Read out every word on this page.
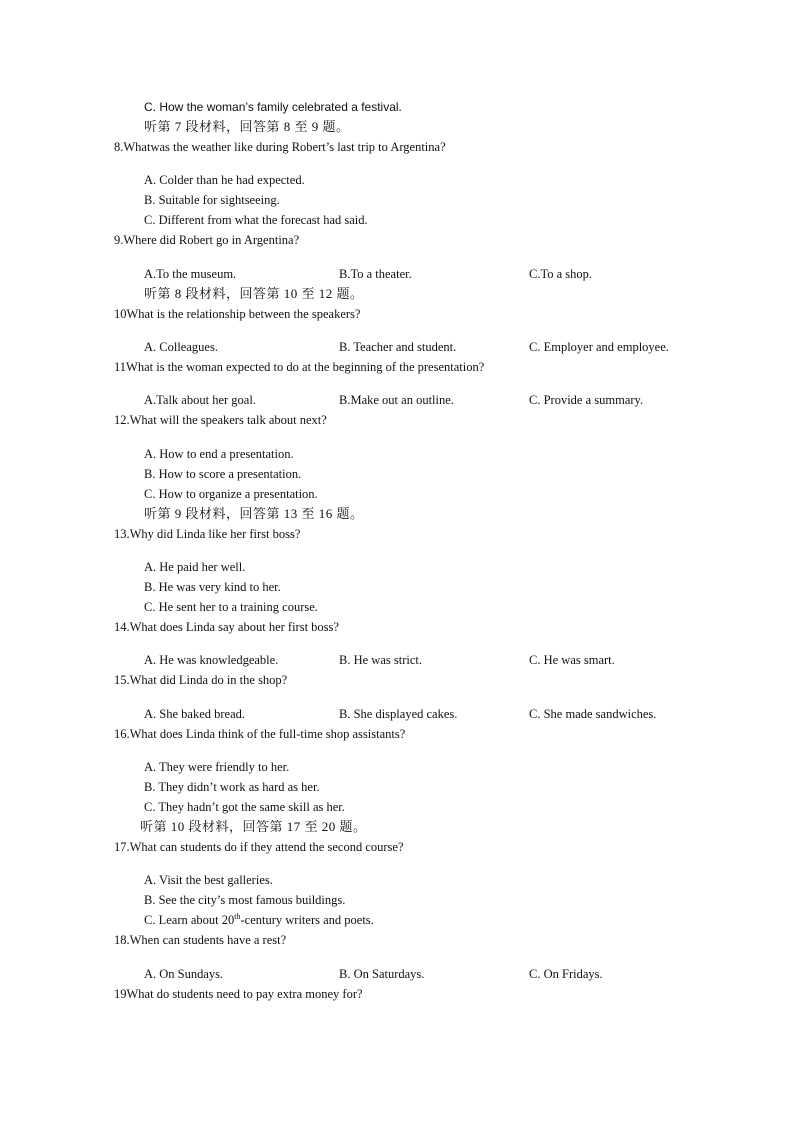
C. How the woman’s family celebrated a festival.
听第 7 段材料，回答第 8 至 9 题。
8.Whatwas the weather like during Robert’s last trip to Argentina?
A. Colder than he had expected.
B. Suitable for sightseeing.
C. Different from what the forecast had said.
9.Where did Robert go in Argentina?
A.To the museum.	B.To a theater.	C.To a shop.
听第 8 段材料，回答第 10 至 12 题。
10What is the relationship between the speakers?
A. Colleagues.	B. Teacher and student.	C. Employer and employee.
11What is the woman expected to do at the beginning of the presentation?
A.Talk about her goal.	B.Make out an outline.	C. Provide a summary.
12.What will the speakers talk about next?
A. How to end a presentation.
B. How to score a presentation.
C. How to organize a presentation.
听第 9 段材料，回答第 13 至 16 题。
13.Why did Linda like her first boss?
A. He paid her well.
B. He was very kind to her.
C. He sent her to a training course.
14.What does Linda say about her first boss?
A. He was knowledgeable.	B. He was strict.	C. He was smart.
15.What did Linda do in the shop?
A. She baked bread.	B. She displayed cakes.	C. She made sandwiches.
16.What does Linda think of the full-time shop assistants?
A. They were friendly to her.
B. They didn’t work as hard as her.
C. They hadn’t got the same skill as her.
听第 10 段材料，回答第 17 至 20 题。
17.What can students do if they attend the second course?
A. Visit the best galleries.
B. See the city’s most famous buildings.
C. Learn about 20th-century writers and poets.
18.When can students have a rest?
A. On Sundays.	B. On Saturdays.	C. On Fridays.
19What do students need to pay extra money for?
